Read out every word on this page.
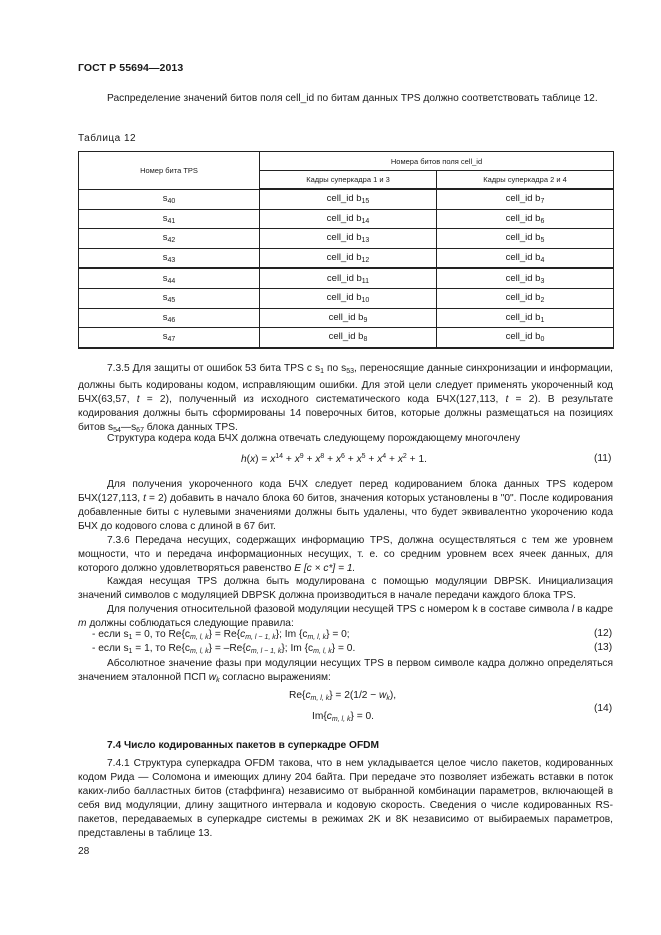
ГОСТ Р 55694—2013
Распределение значений битов поля cell_id по битам данных TPS должно соответствовать таблице 12.
Таблица 12
Номер бита TPS	Номера битов поля cell_id	
	Кадры суперкадра 1 и 3	Кадры суперкадра 2 и 4
$s_{40}$	cell_id $b_{15}$	cell_id $b_7$
$s_{41}$	cell_id $b_{14}$	cell_id $b_6$
$s_{42}$	cell_id $b_{13}$	cell_id $b_5$
$s_{43}$	cell_id $b_{12}$	cell_id $b_4$
$s_{44}$	cell_id $b_{11}$	cell_id $b_3$
$s_{45}$	cell_id $b_{10}$	cell_id $b_2$
$s_{46}$	cell_id $b_9$	cell_id $b_1$
$s_{47}$	cell_id $b_8$	cell_id $b_0$
7.3.5 Для защиты от ошибок 53 бита TPS с $s_1$ по $s_{53}$, переносящие данные синхронизации и информации, должны быть кодированы кодом, исправляющим ошибки. Для этой цели следует применять укороченный код БЧХ(63,57, t = 2), полученный из исходного систематического кода БЧХ(127,113, t = 2). В результате кодирования должны быть сформированы 14 поверочных битов, которые должны размещаться на позициях битов $s_{54}—s_{67}$ блока данных TPS.
Структура кодера кода БЧХ должна отвечать следующему порождающему многочлену
$h(x) = x^{14} + x^9 + x^8 + x^6 + x^5 + x^4 + x^2 + 1$.	(11)
Для получения укороченного кода БЧХ следует перед кодированием блока данных TPS кодером БЧХ(127,113, t = 2) добавить в начало блока 60 битов, значения которых установлены в "0". После кодирования добавленные биты с нулевыми значениями должны быть удалены, что будет эквивалентно укорочению кода БЧХ до кодового слова с длиной в 67 бит.
7.3.6 Передача несущих, содержащих информацию TPS, должна осуществляться с тем же уровнем мощности, что и передача информационных несущих, т. е. со средним уровнем всех ячеек данных, для которого должно удовлетворяться равенство E [c × c*] = 1.
Каждая несущая TPS должна быть модулирована с помощью модуляции DBPSK. Инициализация значений символов с модуляцией DBPSK должна производиться в начале передачи каждого блока TPS.
Для получения относительной фазовой модуляции несущей TPS с номером k в составе символа l в кадре m должны соблюдаться следующие правила:
- если $s_1 = 0$, то $Re\{c_{m, l, k}\} = Re\{c_{m, l - 1, k}\}$; Im $\{c_{m, l, k}\} = 0$;	(12)
- если $s_1 = 1$, то $Re\{c_{m, l, k}\} = -Re\{c_{m, l - 1, k}\}$; Im $\{c_{m, l, k}\} = 0$.	(13)
Абсолютное значение фазы при модуляции несущих TPS в первом символе кадра должно определяться значением эталонной ПСП $w_k$ согласно выражениям:
$Re\{c_{m, l, k}\} = 2(1/2 - w_k)$,
$Im\{c_{m, l, k}\} = 0$.
(14)
7.4 Число кодированных пакетов в суперкадре OFDM
7.4.1 Структура суперкадра OFDM такова, что в нем укладывается целое число пакетов, кодированных кодом Рида — Соломона и имеющих длину 204 байта. При передаче это позволяет избежать вставки в поток каких-либо балластных битов (стаффинга) независимо от выбранной комбинации параметров, включающей в себя вид модуляции, длину защитного интервала и кодовую скорость. Сведения о числе кодированных RS-пакетов, передаваемых в суперкадре системы в режимах 2K и 8K независимо от выбираемых параметров, представлены в таблице 13.
28
